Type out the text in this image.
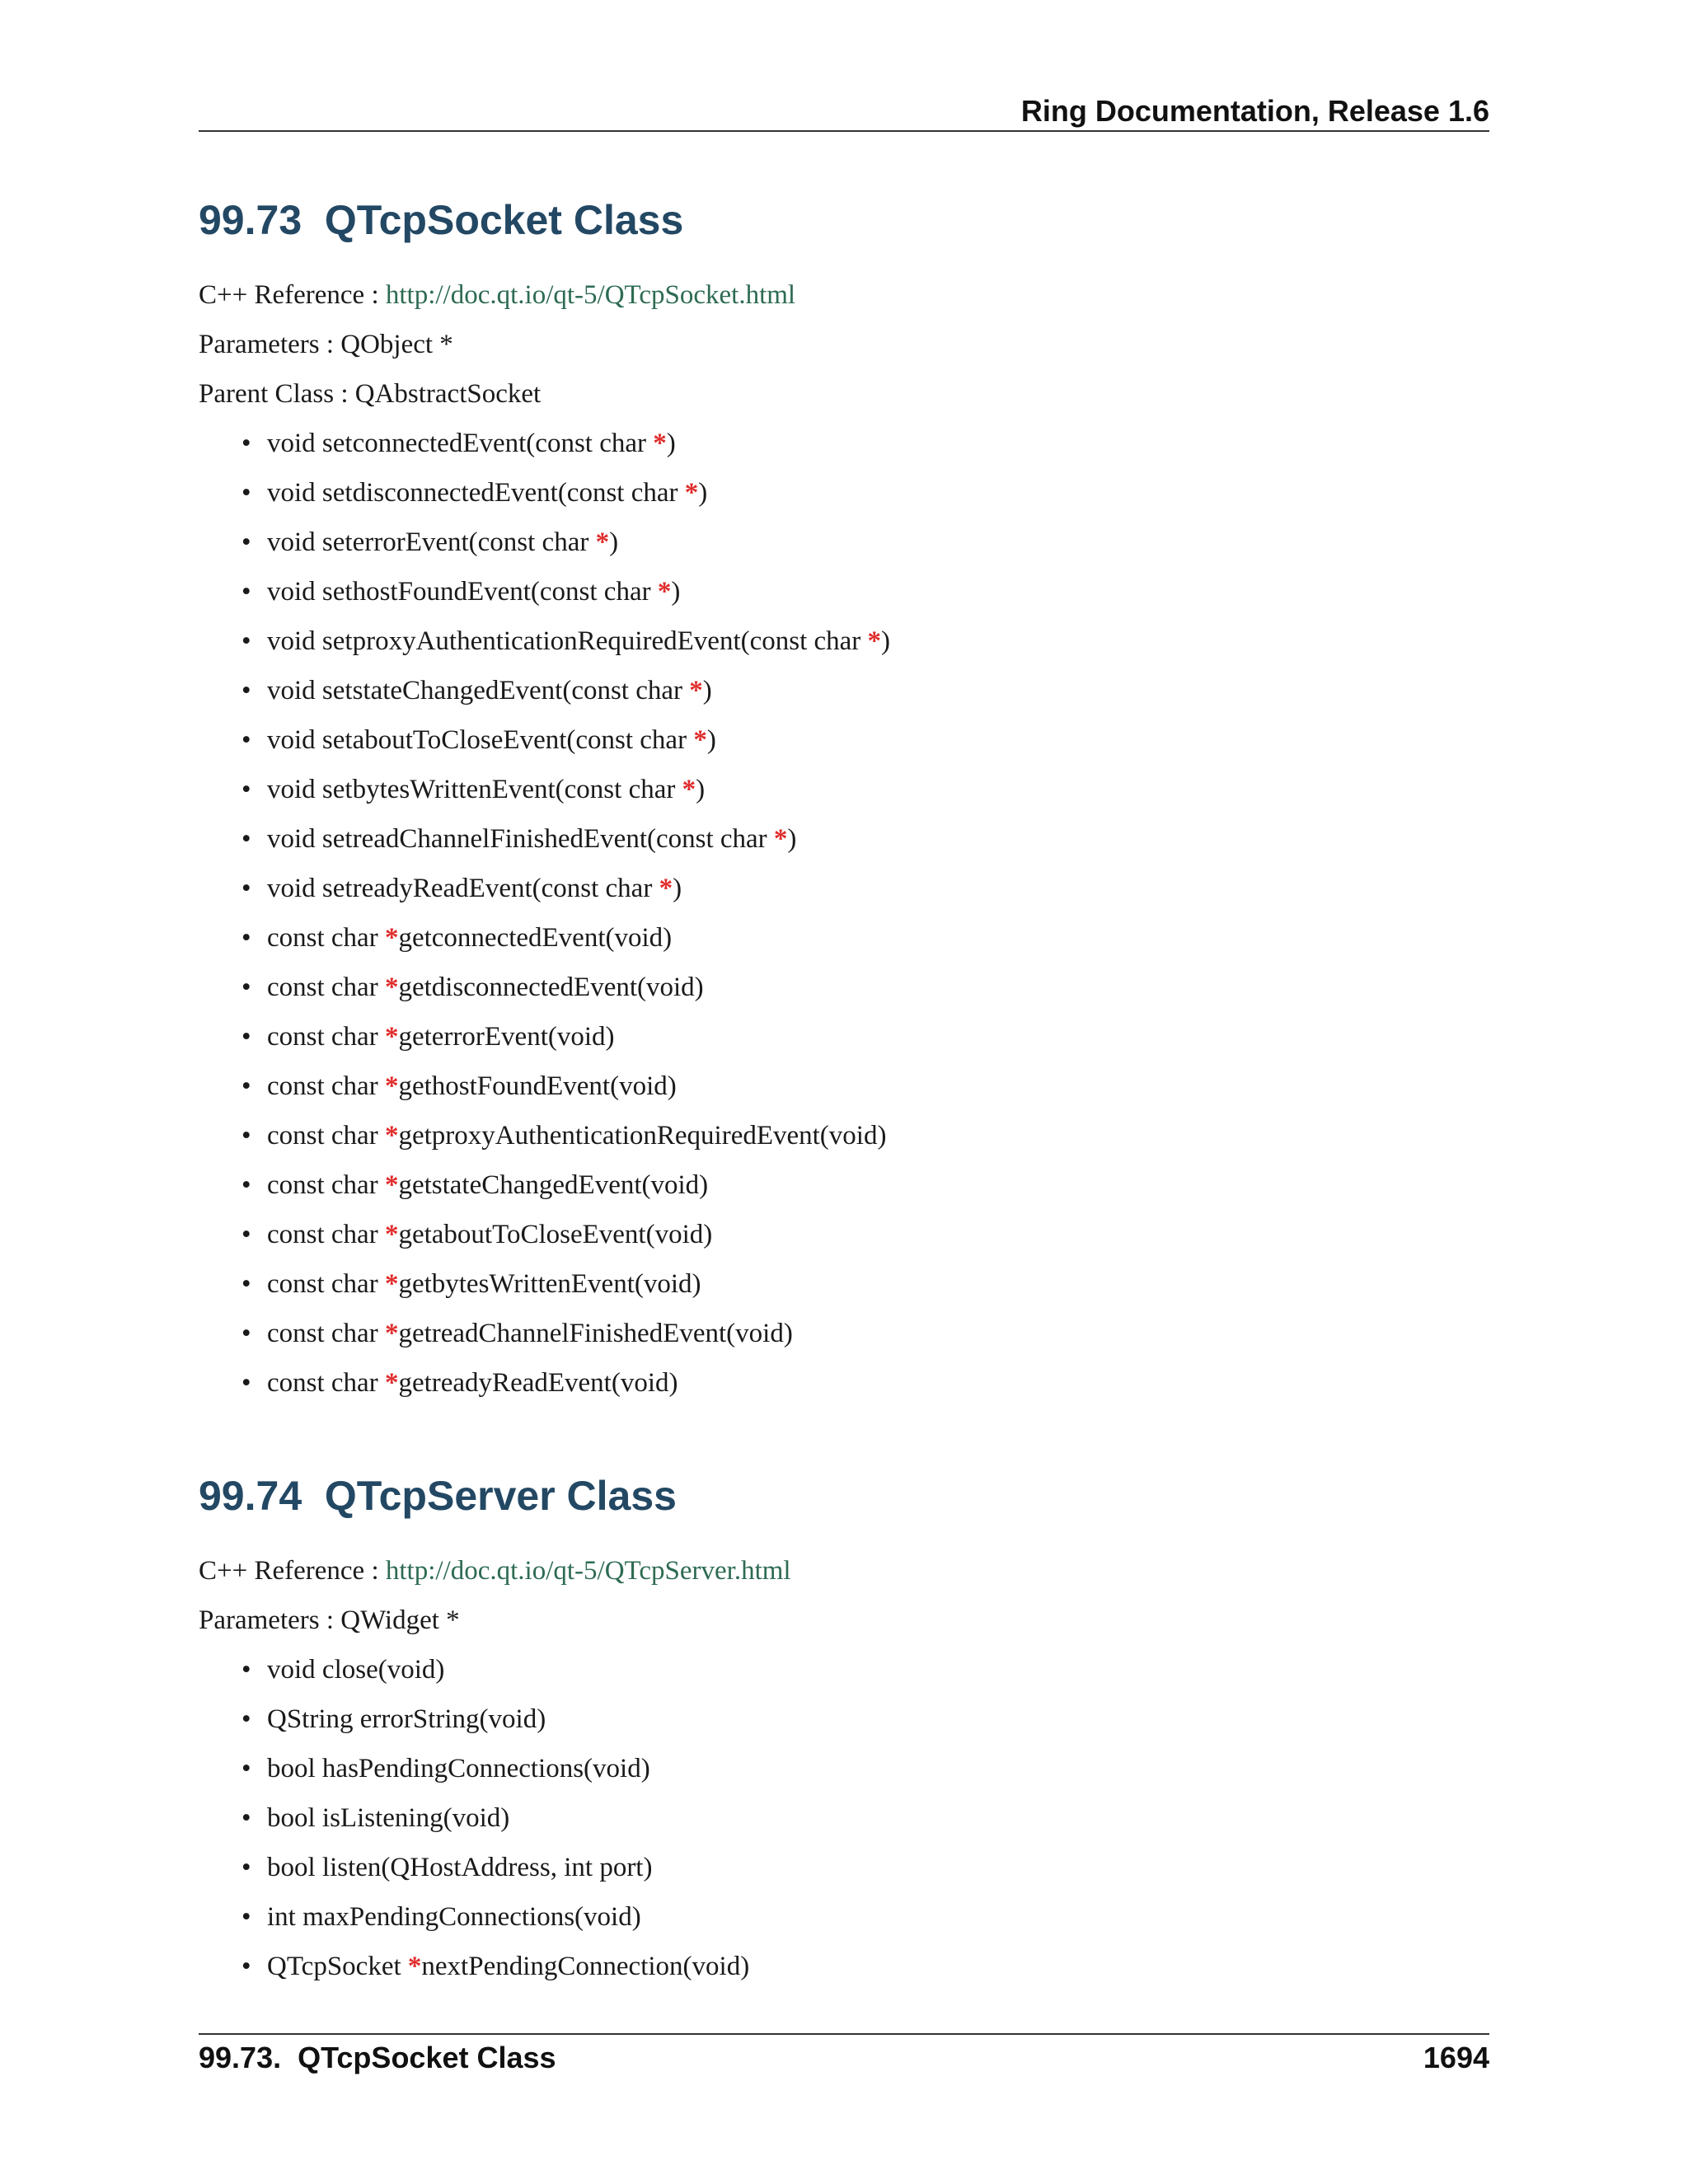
Ring Documentation, Release 1.6
99.73  QTcpSocket Class

C++ Reference : http://doc.qt.io/qt-5/QTcpSocket.html

Parameters : QObject *

Parent Class : QAbstractSocket

• void setconnectedEvent(const char *)
• void setdisconnectedEvent(const char *)
• void seterrorEvent(const char *)
• void sethostFoundEvent(const char *)
• void setproxyAuthenticationRequiredEvent(const char *)
• void setstateChangedEvent(const char *)
• void setaboutToCloseEvent(const char *)
• void setbytesWrittenEvent(const char *)
• void setreadChannelFinishedEvent(const char *)
• void setreadyReadEvent(const char *)
• const char *getconnectedEvent(void)
• const char *getdisconnectedEvent(void)
• const char *geterrorEvent(void)
• const char *gethostFoundEvent(void)
• const char *getproxyAuthenticationRequiredEvent(void)
• const char *getstateChangedEvent(void)
• const char *getaboutToCloseEvent(void)
• const char *getbytesWrittenEvent(void)
• const char *getreadChannelFinishedEvent(void)
• const char *getreadyReadEvent(void)
99.74  QTcpServer Class

C++ Reference : http://doc.qt.io/qt-5/QTcpServer.html

Parameters : QWidget *

• void close(void)
• QString errorString(void)
• bool hasPendingConnections(void)
• bool isListening(void)
• bool listen(QHostAddress, int port)
• int maxPendingConnections(void)
• QTcpSocket *nextPendingConnection(void)
99.73.  QTcpSocket Class	1694
